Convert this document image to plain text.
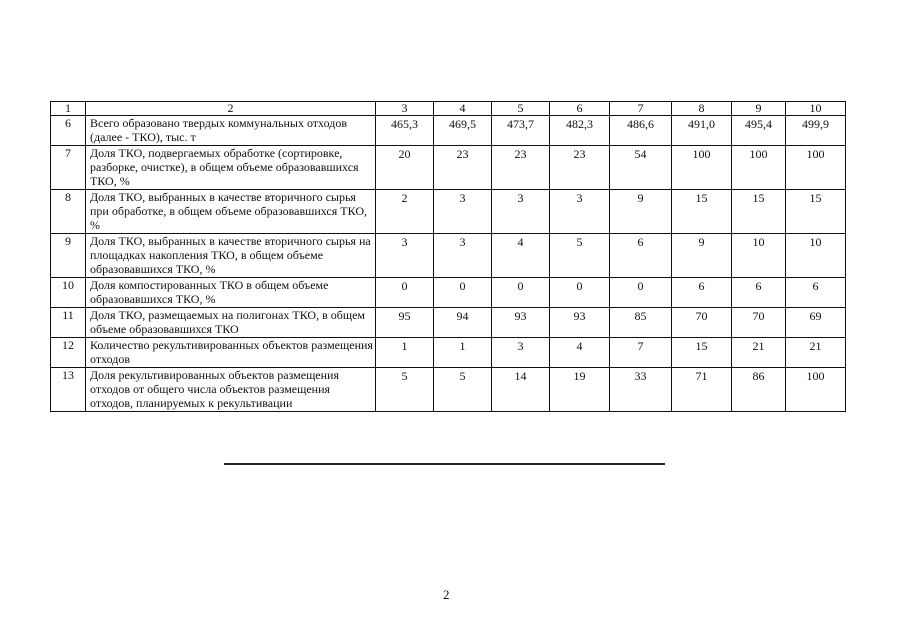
1	2	3	4	5	6	7	8	9	10
6	Всего образовано твердых коммунальных отходов (далее - ТКО), тыс. т	465,3	469,5	473,7	482,3	486,6	491,0	495,4	499,9
7	Доля ТКО, подвергаемых обработке (сортировке, разборке, очистке), в общем объеме образовавшихся ТКО, %	20	23	23	23	54	100	100	100
8	Доля ТКО, выбранных в качестве вторичного сырья при обработке, в общем объеме образовавшихся ТКО, %	2	3	3	3	9	15	15	15
9	Доля ТКО, выбранных в качестве вторичного сырья на площадках накопления ТКО, в общем объеме образовавшихся ТКО, %	3	3	4	5	6	9	10	10
10	Доля компостированных ТКО в общем объеме образовавшихся ТКО, %	0	0	0	0	0	6	6	6
11	Доля ТКО, размещаемых на полигонах ТКО, в общем объеме образовавшихся ТКО	95	94	93	93	85	70	70	69
12	Количество рекультивированных объектов размещения отходов	1	1	3	4	7	15	21	21
13	Доля рекультивированных объектов размещения отходов от общего числа объектов размещения отходов, планируемых к рекультивации	5	5	14	19	33	71	86	100
2
